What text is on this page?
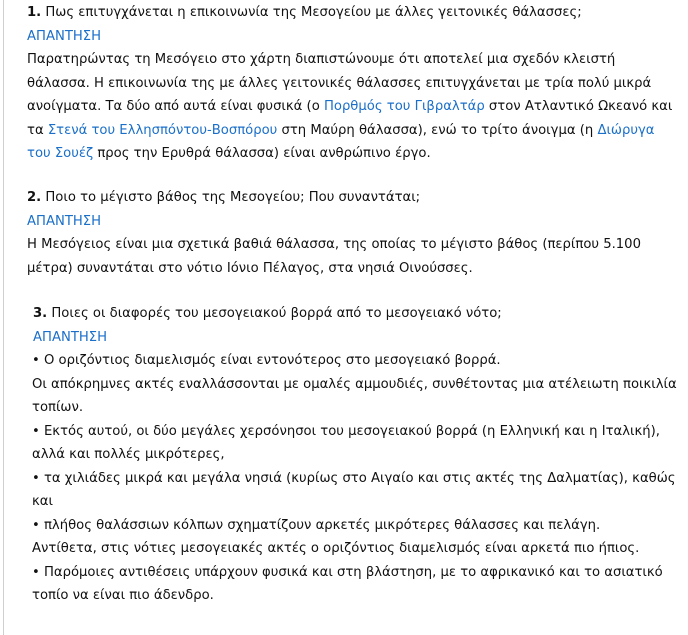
1. Πως επιτυγχάνεται η επικοινωνία της Μεσογείου με άλλες γειτονικές θάλασσες;

ΑΠΑΝΤΗΣΗ

Παρατηρώντας τη Μεσόγειο στο χάρτη διαπιστώνουμε ότι αποτελεί μια σχεδόν κλειστή θάλασσα. Η επικοινωνία της με άλλες γειτονικές θάλασσες επιτυγχάνεται με τρία πολύ μικρά ανοίγματα. Τα δύο από αυτά είναι φυσικά (ο Πορθμός του Γιβραλτάρ στον Ατλαντικό Ωκεανό και τα Στενά του Ελλησπόντου-Βοσπόρου στη Μαύρη θάλασσα), ενώ το τρίτο άνοιγμα (η Διώρυγα του Σουέζ προς την Ερυθρά θάλασσα) είναι ανθρώπινο έργο.

2. Ποιο το μέγιστο βάθος της Μεσογείου; Που συναντάται;

ΑΠΑΝΤΗΣΗ

Η Μεσόγειος είναι μια σχετικά βαθιά θάλασσα, της οποίας το μέγιστο βάθος (περίπου 5.100 μέτρα) συναντάται στο νότιο Ιόνιο Πέλαγος, στα νησιά Οινούσσες.

3. Ποιες οι διαφορές του μεσογειακού βορρά από το μεσογειακό νότο;

ΑΠΑΝΤΗΣΗ

• Ο οριζόντιος διαμελισμός είναι εντονότερος στο μεσογειακό βορρά.

Οι απόκρημνες ακτές εναλλάσσονται με ομαλές αμμουδιές, συνθέτοντας μια ατέλειωτη ποικιλία τοπίων.

• Εκτός αυτού, οι δύο μεγάλες χερσόνησοι του μεσογειακού βορρά (η Ελληνική και η Ιταλική), αλλά και πολλές μικρότερες,

• τα χιλιάδες μικρά και μεγάλα νησιά (κυρίως στο Αιγαίο και στις ακτές της Δαλματίας), καθώς και

• πλήθος θαλάσσιων κόλπων σχηματίζουν αρκετές μικρότερες θάλασσες και πελάγη.

Αντίθετα, στις νότιες μεσογειακές ακτές ο οριζόντιος διαμελισμός είναι αρκετά πιο ήπιος.

• Παρόμοιες αντιθέσεις υπάρχουν φυσικά και στη βλάστηση, με το αφρικανικό και το ασιατικό τοπίο να είναι πιο άδενδρο.
